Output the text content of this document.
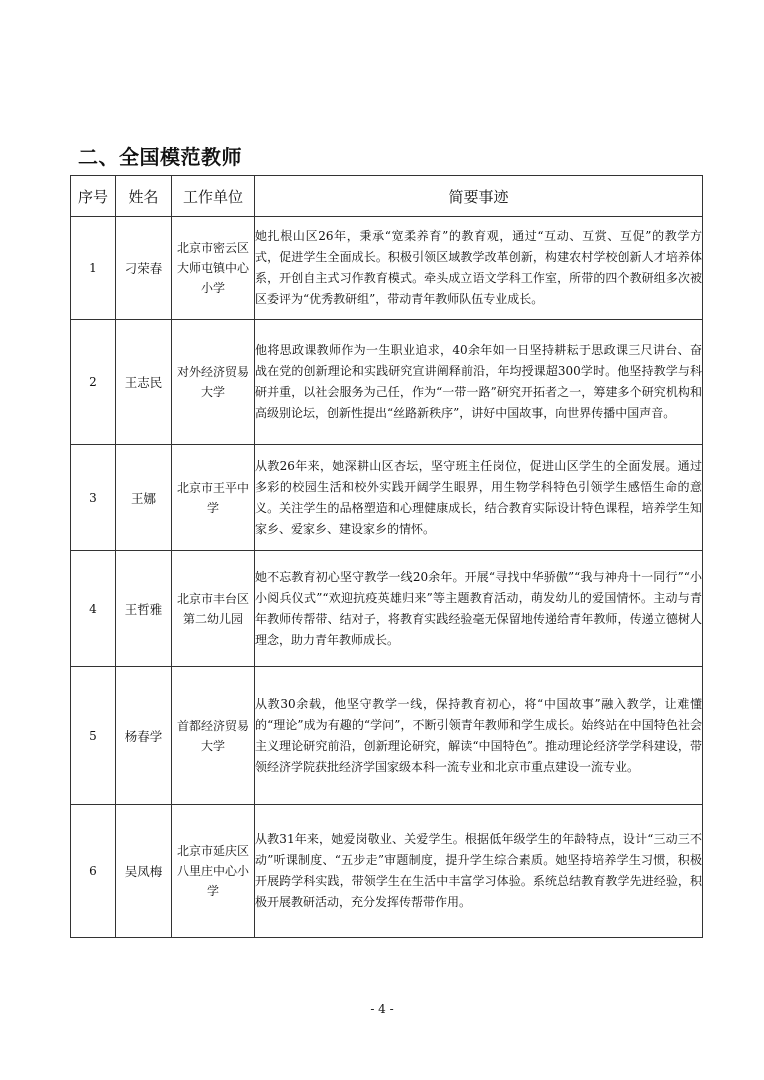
二、全国模范教师
序号	姓名	工作单位	简要事迹
1	刁荣春	北京市密云区大师屯镇中心小学	她扎根山区26年，秉承“宽柔养育”的教育观，通过“互动、互赏、互促”的教学方式，促进学生全面成长。积极引领区域教学改革创新，构建农村学校创新人才培养体系，开创自主式习作教育模式。牵头成立语文学科工作室，所带的四个教研组多次被区委评为“优秀教研组”，带动青年教师队伍专业成长。
2	王志民	对外经济贸易大学	他将思政课教师作为一生职业追求，40余年如一日坚持耕耘于思政课三尺讲台、奋战在党的创新理论和实践研究宣讲阐释前沿，年均授课超300学时。他坚持教学与科研并重，以社会服务为己任，作为“一带一路”研究开拓者之一，筹建多个研究机构和高级别论坛，创新性提出“丝路新秩序”，讲好中国故事，向世界传播中国声音。
3	王娜	北京市王平中学	从教26年来，她深耕山区杏坛，坚守班主任岗位，促进山区学生的全面发展。通过多彩的校园生活和校外实践开阔学生眼界，用生物学科特色引领学生感悟生命的意义。关注学生的品格塑造和心理健康成长，结合教育实际设计特色课程，培养学生知家乡、爱家乡、建设家乡的情怀。
4	王哲雅	北京市丰台区第二幼儿园	她不忘教育初心坚守教学一线20余年。开展“寻找中华骄傲”“我与神舟十一同行”“小小阅兵仪式”“欢迎抗疫英雄归来”等主题教育活动，萌发幼儿的爱国情怀。主动与青年教师传帮带、结对子，将教育实践经验毫无保留地传递给青年教师，传递立德树人理念，助力青年教师成长。
5	杨春学	首都经济贸易大学	从教30余载，他坚守教学一线，保持教育初心，将“中国故事”融入教学，让难懂的“理论”成为有趣的“学问”，不断引领青年教师和学生成长。始终站在中国特色社会主义理论研究前沿，创新理论研究，解读“中国特色”。推动理论经济学学科建设，带领经济学院获批经济学国家级本科一流专业和北京市重点建设一流专业。
6	吴凤梅	北京市延庆区八里庄中心小学	从教31年来，她爱岗敬业、关爱学生。根据低年级学生的年龄特点，设计“三动三不动”听课制度、“五步走”审题制度，提升学生综合素质。她坚持培养学生习惯，积极开展跨学科实践，带领学生在生活中丰富学习体验。系统总结教育教学先进经验，积极开展教研活动，充分发挥传帮带作用。
- 4 -
